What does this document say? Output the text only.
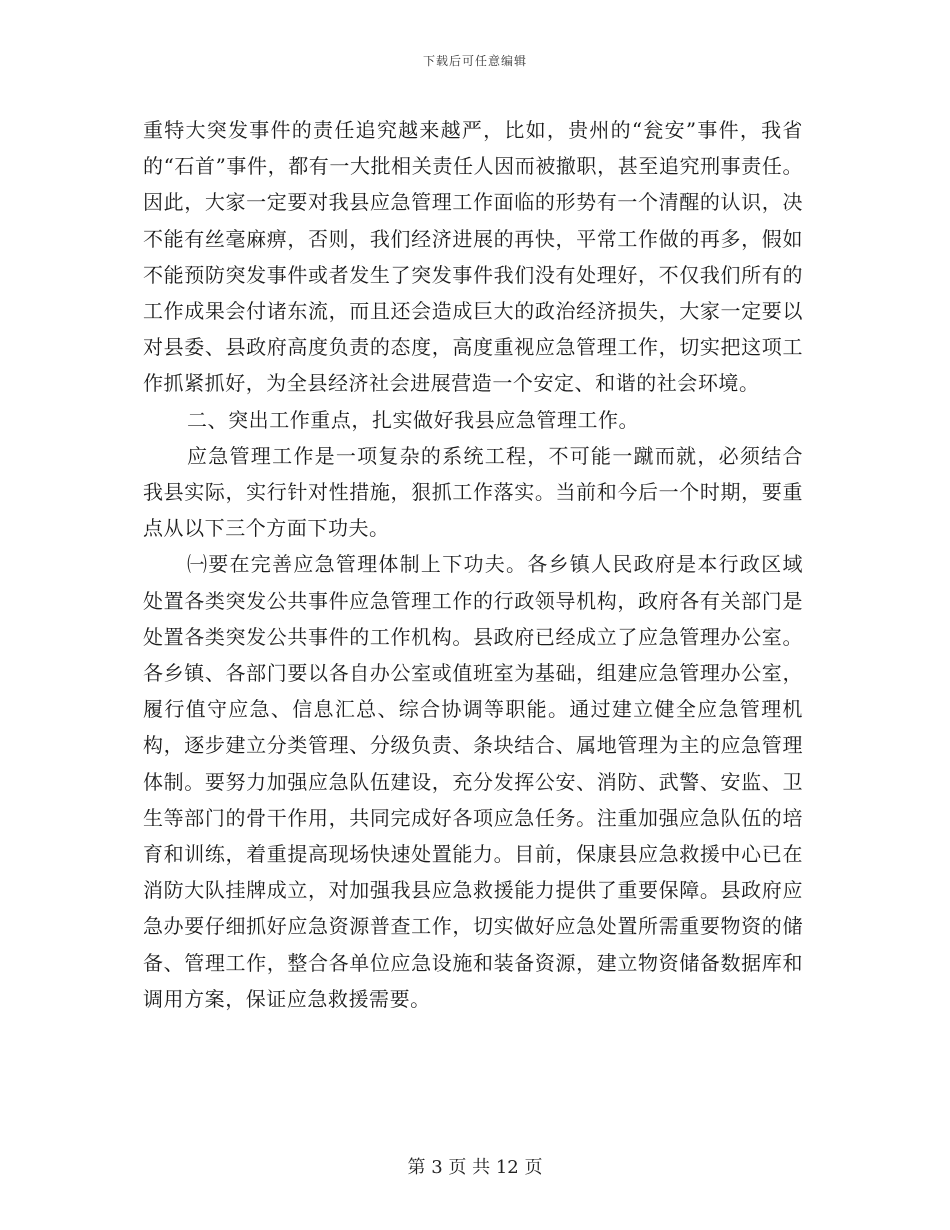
下载后可任意编辑

重特大突发事件的责任追究越来越严，比如，贵州的“瓮安”事件，我省的“石首”事件，都有一大批相关责任人因而被撤职，甚至追究刑事责任。因此，大家一定要对我县应急管理工作面临的形势有一个清醒的认识，决不能有丝毫麻痹，否则，我们经济进展的再快，平常工作做的再多，假如不能预防突发事件或者发生了突发事件我们没有处理好，不仅我们所有的工作成果会付诸东流，而且还会造成巨大的政治经济损失，大家一定要以对县委、县政府高度负责的态度，高度重视应急管理工作，切实把这项工作抓紧抓好，为全县经济社会进展营造一个安定、和谐的社会环境。

二、突出工作重点，扎实做好我县应急管理工作。

应急管理工作是一项复杂的系统工程，不可能一蹴而就，必须结合我县实际，实行针对性措施，狠抓工作落实。当前和今后一个时期，要重点从以下三个方面下功夫。

㈠要在完善应急管理体制上下功夫。各乡镇人民政府是本行政区域处置各类突发公共事件应急管理工作的行政领导机构，政府各有关部门是处置各类突发公共事件的工作机构。县政府已经成立了应急管理办公室。各乡镇、各部门要以各自办公室或值班室为基础，组建应急管理办公室，履行值守应急、信息汇总、综合协调等职能。通过建立健全应急管理机构，逐步建立分类管理、分级负责、条块结合、属地管理为主的应急管理体制。要努力加强应急队伍建设，充分发挥公安、消防、武警、安监、卫生等部门的骨干作用，共同完成好各项应急任务。注重加强应急队伍的培育和训练，着重提高现场快速处置能力。目前，保康县应急救援中心已在消防大队挂牌成立，对加强我县应急救援能力提供了重要保障。县政府应急办要仔细抓好应急资源普查工作，切实做好应急处置所需重要物资的储备、管理工作，整合各单位应急设施和装备资源，建立物资储备数据库和调用方案，保证应急救援需要。

第 3 页 共 12 页
